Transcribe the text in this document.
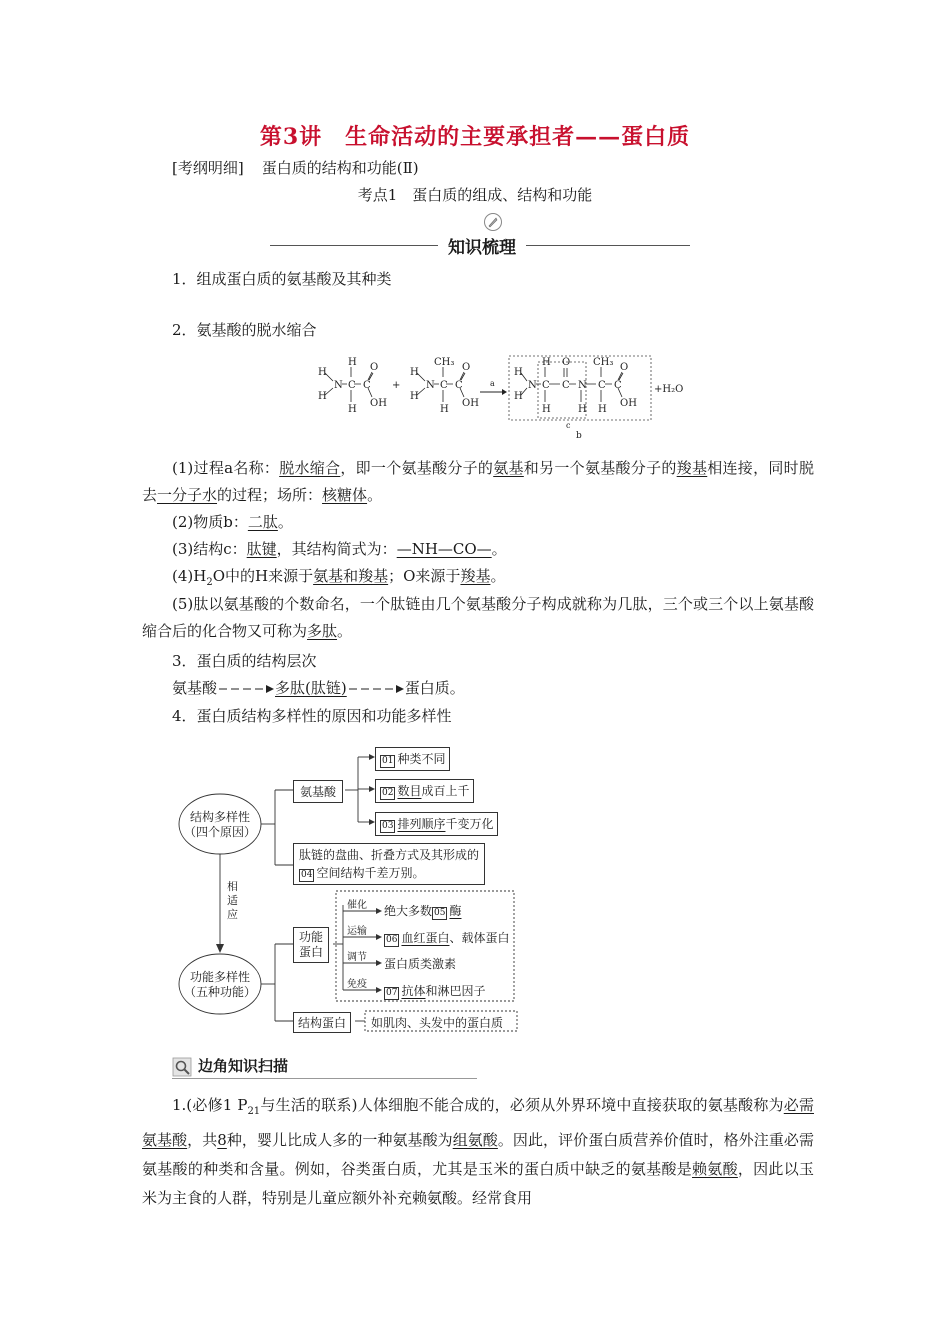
第3讲　生命活动的主要承担者——蛋白质
[考纲明细] 蛋白质的结构和功能(Ⅱ)
考点1　蛋白质的组成、结构和功能
知识梳理
1．组成蛋白质的氨基酸及其种类
2．氨基酸的脱水缩合
H
H
N
H
C
H
C
O
OH
+
H
H
N
CH₃
C
H
C
O
OH
a
H
H
N
H
C
H
O
C N
H
CH₃
C
H
C
O
OH
c
b
+H₂O
(1)过程a名称：脱水缩合，即一个氨基酸分子的氨基和另一个氨基酸分子的羧基相连接，同时脱去一分子水的过程；场所：核糖体。
(2)物质b：二肽。
(3)结构c：肽键，其结构简式为：—NH—CO—。
$(4)H_2O$中的H来源于氨基和羧基；O来源于羧基。
(5)肽以氨基酸的个数命名，一个肽链由几个氨基酸分子构成就称为几肽，三个或三个以上氨基酸缩合后的化合物又可称为多肽。
3．蛋白质的结构层次
氨基酸	多肽(肽链)	蛋白质。
4．蛋白质结构多样性的原因和功能多样性
结构多样性
（四个原因）
功能多样性
（五种功能）
相
适
应
氨基酸
01 种类不同
02 数目成百上千
03 排列顺序千变万化
肽链的盘曲、折叠方式及其形成的
04 空间结构千差万别。
功能
蛋白
催化 绝大多数 05 酶
运输
06 血红蛋白、载体蛋白
调节 蛋白质类激素
免疫
07 抗体和淋巴因子
结构蛋白	如肌肉、头发中的蛋白质
边角知识扫描
1.(必修1 $P_{21}$与生活的联系)人体细胞不能合成的，必须从外界环境中直接获取的氨基酸称为必需氨基酸，共8种，婴儿比成人多的一种氨基酸为组氨酸。因此，评价蛋白质营养价值时，格外注重必需氨基酸的种类和含量。例如，谷类蛋白质，尤其是玉米的蛋白质中缺乏的氨基酸是赖氨酸，因此以玉米为主食的人群，特别是儿童应额外补充赖氨酸。经常食用
